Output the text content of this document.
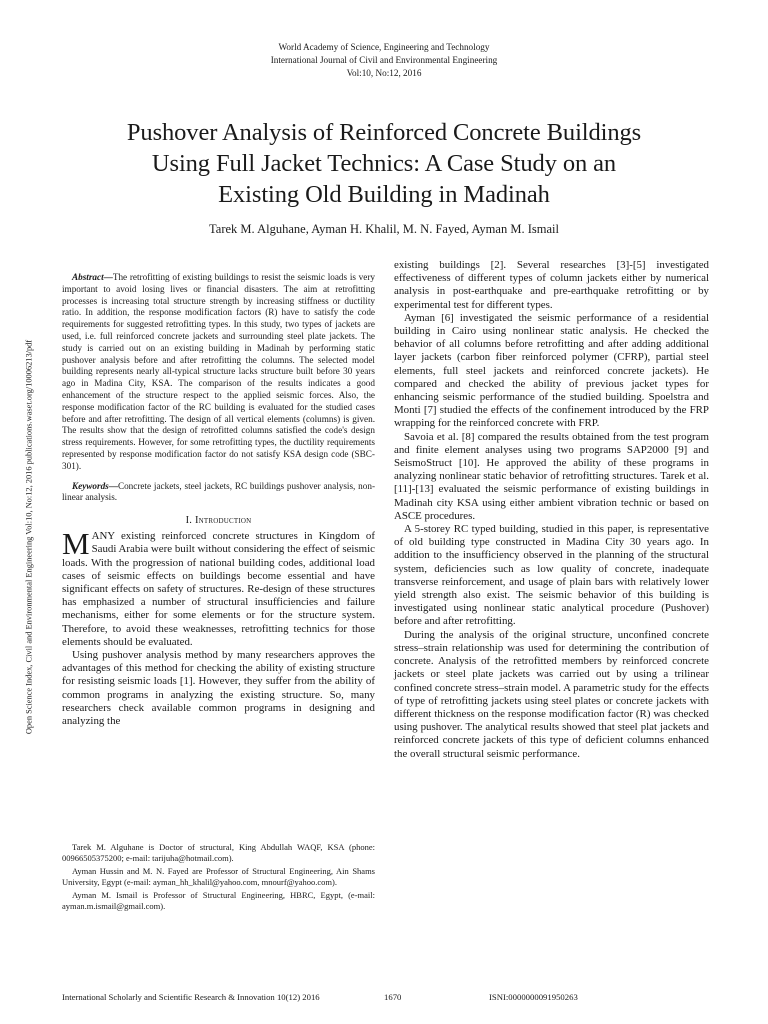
World Academy of Science, Engineering and Technology
International Journal of Civil and Environmental Engineering
Vol:10, No:12, 2016
Pushover Analysis of Reinforced Concrete Buildings
Using Full Jacket Technics: A Case Study on an
Existing Old Building in Madinah
Tarek M. Alguhane, Ayman H. Khalil, M. N. Fayed, Ayman M. Ismail
Open Science Index, Civil and Environmental Engineering Vol:10, No:12, 2016 publications.waset.org/10006213/pdf

Abstract—The retrofitting of existing buildings to resist the seismic loads is very important to avoid losing lives or financial disasters. The aim at retrofitting processes is increasing total structure strength by increasing stiffness or ductility ratio. In addition, the response modification factors (R) have to satisfy the code requirements for suggested retrofitting types. In this study, two types of jackets are used, i.e. full reinforced concrete jackets and surrounding steel plate jackets. The study is carried out on an existing building in Madinah by performing static pushover analysis before and after retrofitting the columns. The selected model building represents nearly all-typical structure lacks structure built before 30 years ago in Madina City, KSA. The comparison of the results indicates a good enhancement of the structure respect to the applied seismic forces. Also, the response modification factor of the RC building is evaluated for the studied cases before and after retrofitting. The design of all vertical elements (columns) is given. The results show that the design of retrofitted columns satisfied the code's design stress requirements. However, for some retrofitting types, the ductility requirements represented by response modification factor do not satisfy KSA design code (SBC- 301).

Keywords—Concrete jackets, steel jackets, RC buildings pushover analysis, non-linear analysis.

I. Introduction

MANY existing reinforced concrete structures in Kingdom of Saudi Arabia were built without considering the effect of seismic loads. With the progression of national building codes, additional load cases of seismic effects on buildings become essential and have significant effects on safety of structures. Re-design of these structures has emphasized a number of structural insufficiencies and failure mechanisms, either for some elements or for the structure system. Therefore, to avoid these weaknesses, retrofitting technics for those elements should be evaluated.

Using pushover analysis method by many researchers approves the advantages of this method for checking the ability of existing structure for resisting seismic loads [1]. However, they suffer from the ability of common programs in analyzing the existing structure. So, many researchers check available common programs in designing and analyzing the

existing buildings [2]. Several researches [3]-[5] investigated effectiveness of different types of column jackets either by numerical analysis in post-earthquake and pre-earthquake retrofitting or by experimental test for different types.

Ayman [6] investigated the seismic performance of a residential building in Cairo using nonlinear static analysis. He checked the behavior of all columns before retrofitting and after adding additional layer jackets (carbon fiber reinforced polymer (CFRP), partial steel elements, full steel jackets and reinforced concrete jackets). He compared and checked the ability of previous jacket types for enhancing seismic performance of the studied building. Spoelstra and Monti [7] studied the effects of the confinement introduced by the FRP wrapping for the reinforced concrete with FRP.

Savoia et al. [8] compared the results obtained from the test program and finite element analyses using two programs SAP2000 [9] and SeismoStruct [10]. He approved the ability of these programs in analyzing nonlinear static behavior of retrofitting structures. Tarek et al. [11]-[13] evaluated the seismic performance of existing buildings in Madinah city KSA using either ambient vibration technic or based on ASCE procedures.

A 5-storey RC typed building, studied in this paper, is representative of old building type constructed in Madina City 30 years ago. In addition to the insufficiency observed in the planning of the structural system, deficiencies such as low quality of concrete, inadequate transverse reinforcement, and usage of plain bars with relatively lower yield strength also exist. The seismic behavior of this building is investigated using nonlinear static analytical procedure (Pushover) before and after retrofitting.

During the analysis of the original structure, unconfined concrete stress–strain relationship was used for determining the contribution of concrete. Analysis of the retrofitted members by reinforced concrete jackets or steel plate jackets was carried out by using a trilinear confined concrete stress–strain model. A parametric study for the effects of type of retrofitting jackets using steel plates or concrete jackets with different thickness on the response modification factor (R) was checked using pushover. The analytical results showed that steel plat jackets and reinforced concrete jackets of this type of deficient columns enhanced the overall structural seismic performance.

Tarek M. Alguhane is Doctor of structural, King Abdullah WAQF, KSA (phone: 00966505375200; e-mail: tarijuha@hotmail.com).

Ayman Hussin and M. N. Fayed are Professor of Structural Engineering, Ain Shams University, Egypt (e-mail: ayman_hh_khalil@yahoo.com, mnourf@yahoo.com).

Ayman M. Ismail is Professor of Structural Engineering, HBRC, Egypt, (e-mail: ayman.m.ismail@gmail.com).

International Scholarly and Scientific Research & Innovation 10(12) 2016	1670	ISNI:0000000091950263
